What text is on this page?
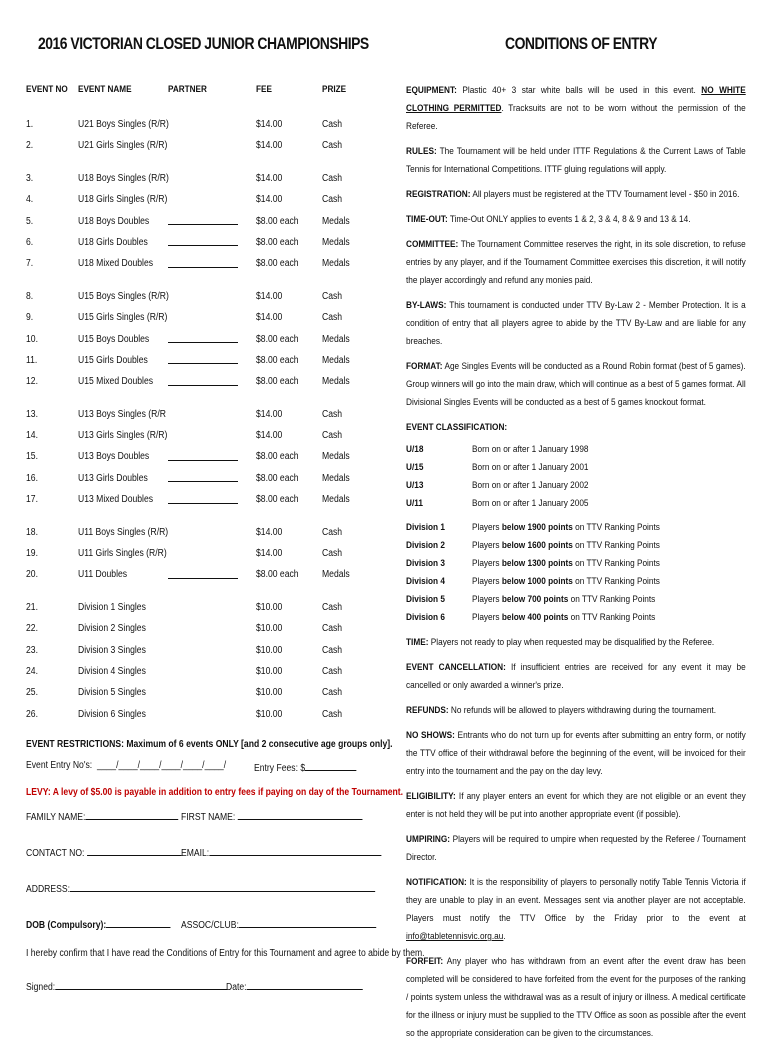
2016 VICTORIAN CLOSED JUNIOR CHAMPIONSHIPS	CONDITIONS OF ENTRY
EVENT NO	EVENT NAME	PARTNER	FEE	PRIZE
1.	U21 Boys Singles (R/R)	$14.00	Cash
2.	U21 Girls Singles (R/R)	$14.00	Cash
3.	U18 Boys Singles (R/R)	$14.00	Cash
4.	U18 Girls Singles (R/R)	$14.00	Cash
5.	U18 Boys Doubles	$8.00 each	Medals
6.	U18 Girls Doubles	$8.00 each	Medals
7.	U18 Mixed Doubles	$8.00 each	Medals
8.	U15 Boys Singles (R/R)	$14.00	Cash
9.	U15 Girls Singles (R/R)	$14.00	Cash
10.	U15 Boys Doubles	$8.00 each	Medals
11.	U15 Girls Doubles	$8.00 each	Medals
12.	U15 Mixed Doubles	$8.00 each	Medals
13.	U13 Boys Singles (R/R	$14.00	Cash
14.	U13 Girls Singles (R/R)	$14.00	Cash
15.	U13 Boys Doubles	$8.00 each	Medals
16.	U13 Girls Doubles	$8.00 each	Medals
17.	U13 Mixed Doubles	$8.00 each	Medals
18.	U11 Boys Singles (R/R)	$14.00	Cash
19.	U11 Girls Singles (R/R)	$14.00	Cash
20.	U11 Doubles	$8.00 each	Medals
21.	Division 1 Singles	$10.00	Cash
22.	Division 2 Singles	$10.00	Cash
23.	Division 3 Singles	$10.00	Cash
24.	Division 4 Singles	$10.00	Cash
25.	Division 5 Singles	$10.00	Cash
26.	Division 6 Singles	$10.00	Cash
EVENT RESTRICTIONS: Maximum of 6 events ONLY [and 2 consecutive age groups only].
Event Entry No's:  ____/____/____/____/____/____/	Entry Fees: $
LEVY: A levy of $5.00 is payable in addition to entry fees if paying on day of the Tournament.
FAMILY NAME:	FIRST NAME:
CONTACT NO:	EMAIL:
ADDRESS:
DOB (Compulsory):	ASSOC/CLUB:
I hereby confirm that I have read the Conditions of Entry for this Tournament and agree to abide by them.
Signed:	Date:

EQUIPMENT: Plastic 40+ 3 star white balls will be used in this event. NO WHITE CLOTHING PERMITTED. Tracksuits are not to be worn without the permission of the Referee.

RULES: The Tournament will be held under ITTF Regulations & the Current Laws of Table Tennis for International Competitions. ITTF gluing regulations will apply.

REGISTRATION: All players must be registered at the TTV Tournament level - $50 in 2016.

TIME-OUT: Time-Out ONLY applies to events 1 & 2, 3 & 4, 8 & 9 and 13 & 14.

COMMITTEE: The Tournament Committee reserves the right, in its sole discretion, to refuse entries by any player, and if the Tournament Committee exercises this discretion, it will notify the player accordingly and refund any monies paid.

BY-LAWS: This tournament is conducted under TTV By-Law 2 - Member Protection. It is a condition of entry that all players agree to abide by the TTV By-Law and are liable for any breaches.

FORMAT: Age Singles Events will be conducted as a Round Robin format (best of 5 games). Group winners will go into the main draw, which will continue as a best of 5 games format. All Divisional Singles Events will be conducted as a best of 5 games knockout format.

EVENT CLASSIFICATION:

U/18	Born on or after 1 January 1998
U/15	Born on or after 1 January 2001
U/13	Born on or after 1 January 2002
U/11	Born on or after 1 January 2005
Division 1	Players below 1900 points on TTV Ranking Points
Division 2	Players below 1600 points on TTV Ranking Points
Division 3	Players below 1300 points on TTV Ranking Points
Division 4	Players below 1000 points on TTV Ranking Points
Division 5	Players below 700 points on TTV Ranking Points
Division 6	Players below 400 points on TTV Ranking Points

TIME: Players not ready to play when requested may be disqualified by the Referee.

EVENT CANCELLATION: If insufficient entries are received for any event it may be cancelled or only awarded a winner's prize.

REFUNDS: No refunds will be allowed to players withdrawing during the tournament.

NO SHOWS: Entrants who do not turn up for events after submitting an entry form, or notify the TTV office of their withdrawal before the beginning of the event, will be invoiced for their entry into the tournament and the pay on the day levy.

ELIGIBILITY: If any player enters an event for which they are not eligible or an event they enter is not held they will be put into another appropriate event (if possible).

UMPIRING: Players will be required to umpire when requested by the Referee / Tournament Director.

NOTIFICATION: It is the responsibility of players to personally notify Table Tennis Victoria if they are unable to play in an event. Messages sent via another player are not acceptable. Players must notify the TTV Office by the Friday prior to the event at info@tabletennisvic.org.au.

FORFEIT: Any player who has withdrawn from an event after the event draw has been completed will be considered to have forfeited from the event for the purposes of the ranking / points system unless the withdrawal was as a result of injury or illness. A medical certificate for the illness or injury must be supplied to the TTV Office as soon as possible after the event so the appropriate consideration can be given to the circumstances.
